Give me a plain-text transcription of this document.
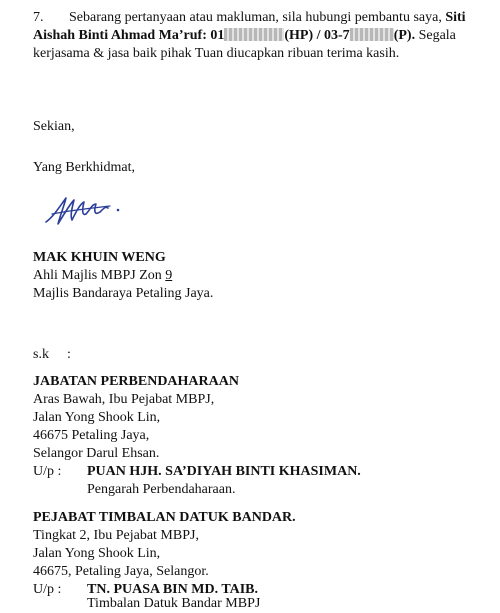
7. Sebarang pertanyaan atau makluman, sila hubungi pembantu saya, Siti
Aishah Binti Ahmad Ma’ruf: 01	(HP) / 03-7	(P). Segala
kerjasama & jasa baik pihak Tuan diucapkan ribuan terima kasih.
Sekian,
Yang Berkhidmat,
MAK KHUIN WENG
Ahli Majlis MBPJ Zon 9
Majlis Bandaraya Petaling Jaya.
s.k :
JABATAN PERBENDAHARAAN
Aras Bawah, Ibu Pejabat MBPJ,
Jalan Yong Shook Lin,
46675 Petaling Jaya,
Selangor Darul Ehsan.
U/p : PUAN HJH. SA’DIYAH BINTI KHASIMAN.
Pengarah Perbendaharaan.
PEJABAT TIMBALAN DATUK BANDAR.
Tingkat 2, Ibu Pejabat MBPJ,
Jalan Yong Shook Lin,
46675, Petaling Jaya, Selangor.
U/p : TN. PUASA BIN MD. TAIB.
Timbalan Datuk Bandar MBPJ
